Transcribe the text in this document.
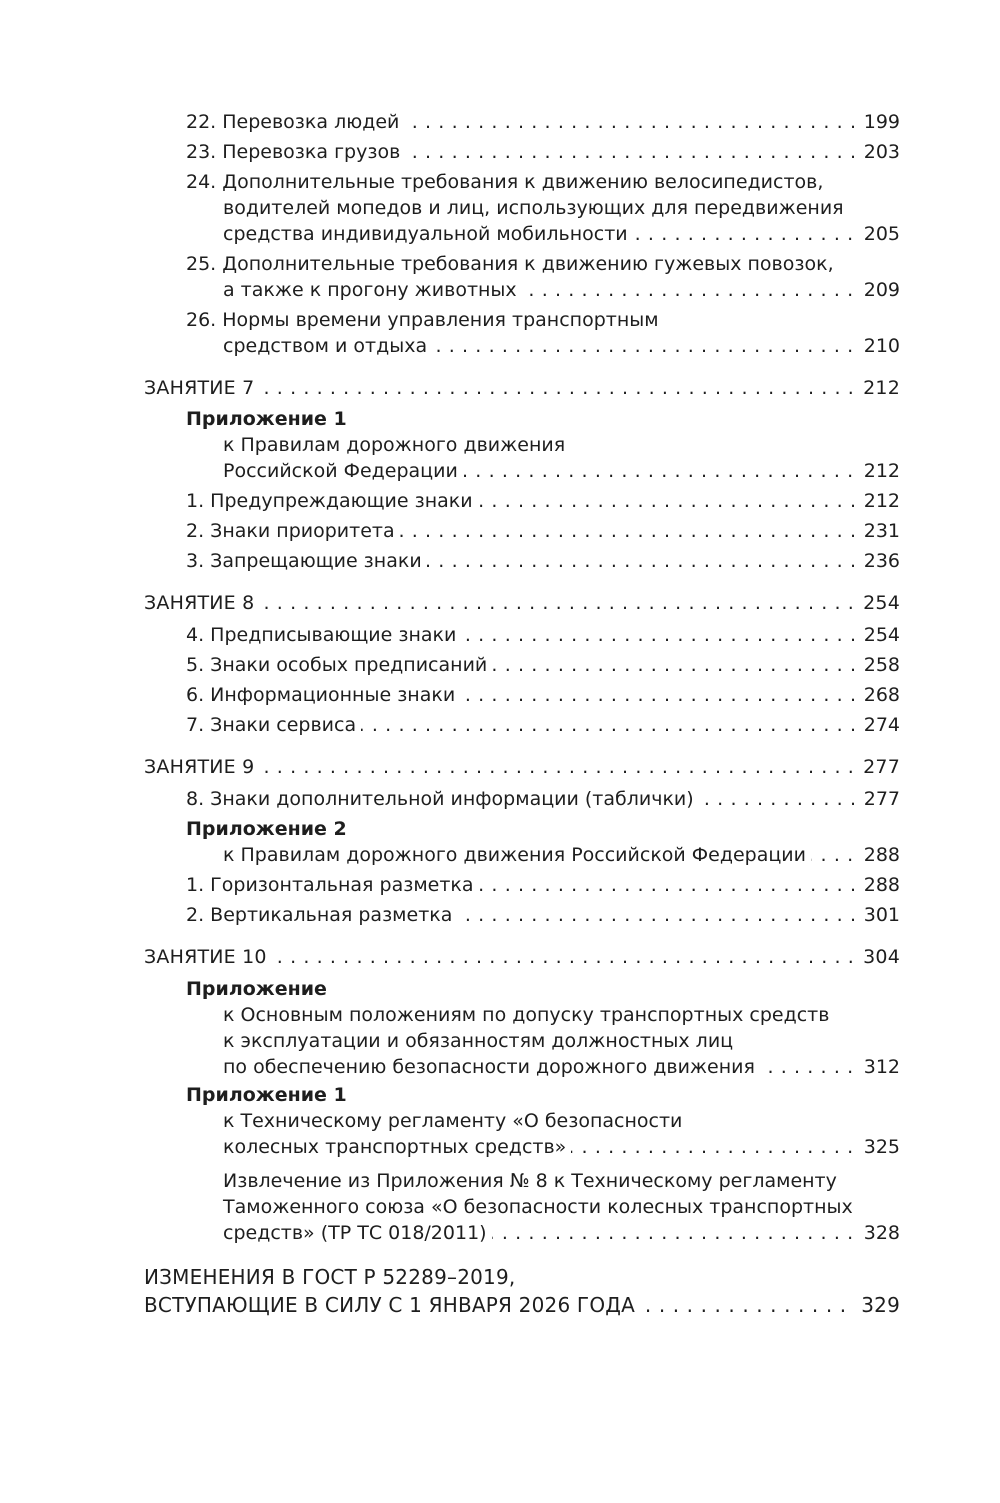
. . .
22. Перевозка людей	199
. . .
23. Перевозка грузов	203
24. Дополнительные требования к движению велосипедистов,
водителей мопедов и лиц, использующих для передвижения
. . .
средства индивидуальной мобильности	205
25. Дополнительные требования к движению гужевых повозок,
. . .
а также к прогону животных	209
26. Нормы времени управления транспортным
. . .
средством и отдыха	210
. . .
ЗАНЯТИЕ 7	212
Приложение 1
к Правилам дорожного движения
. . .
Российской Федерации	212
. . .
1. Предупреждающие знаки	212
. . .
2. Знаки приоритета	231
. . .
3. Запрещающие знаки	236
. . .
ЗАНЯТИЕ 8	254
. . .
4. Предписывающие знаки	254
. . .
5. Знаки особых предписаний	258
. . .
6. Информационные знаки	268
. . .
7. Знаки сервиса	274
. . .
ЗАНЯТИЕ 9	277
. . .
8. Знаки дополнительной информации (таблички)	277
Приложение 2
. . .
к Правилам дорожного движения Российской Федерации	288
. . .
1. Горизонтальная разметка	288
. . .
2. Вертикальная разметка	301
. . .
ЗАНЯТИЕ 10	304
Приложение
к Основным положениям по допуску транспортных средств
к эксплуатации и обязанностям должностных лиц
. . .
по обеспечению безопасности дорожного движения	312
Приложение 1
к Техническому регламенту «О безопасности
. . .
колесных транспортных средств»	325
Извлечение из Приложения № 8 к Техническому регламенту
Таможенного союза «О безопасности колесных транспортных
. . .
средств» (ТР ТС 018/2011)	328
ИЗМЕНЕНИЯ В ГОСТ Р 52289–2019,
. . .
ВСТУПАЮЩИЕ В СИЛУ С 1 ЯНВАРЯ 2026 ГОДА	329
